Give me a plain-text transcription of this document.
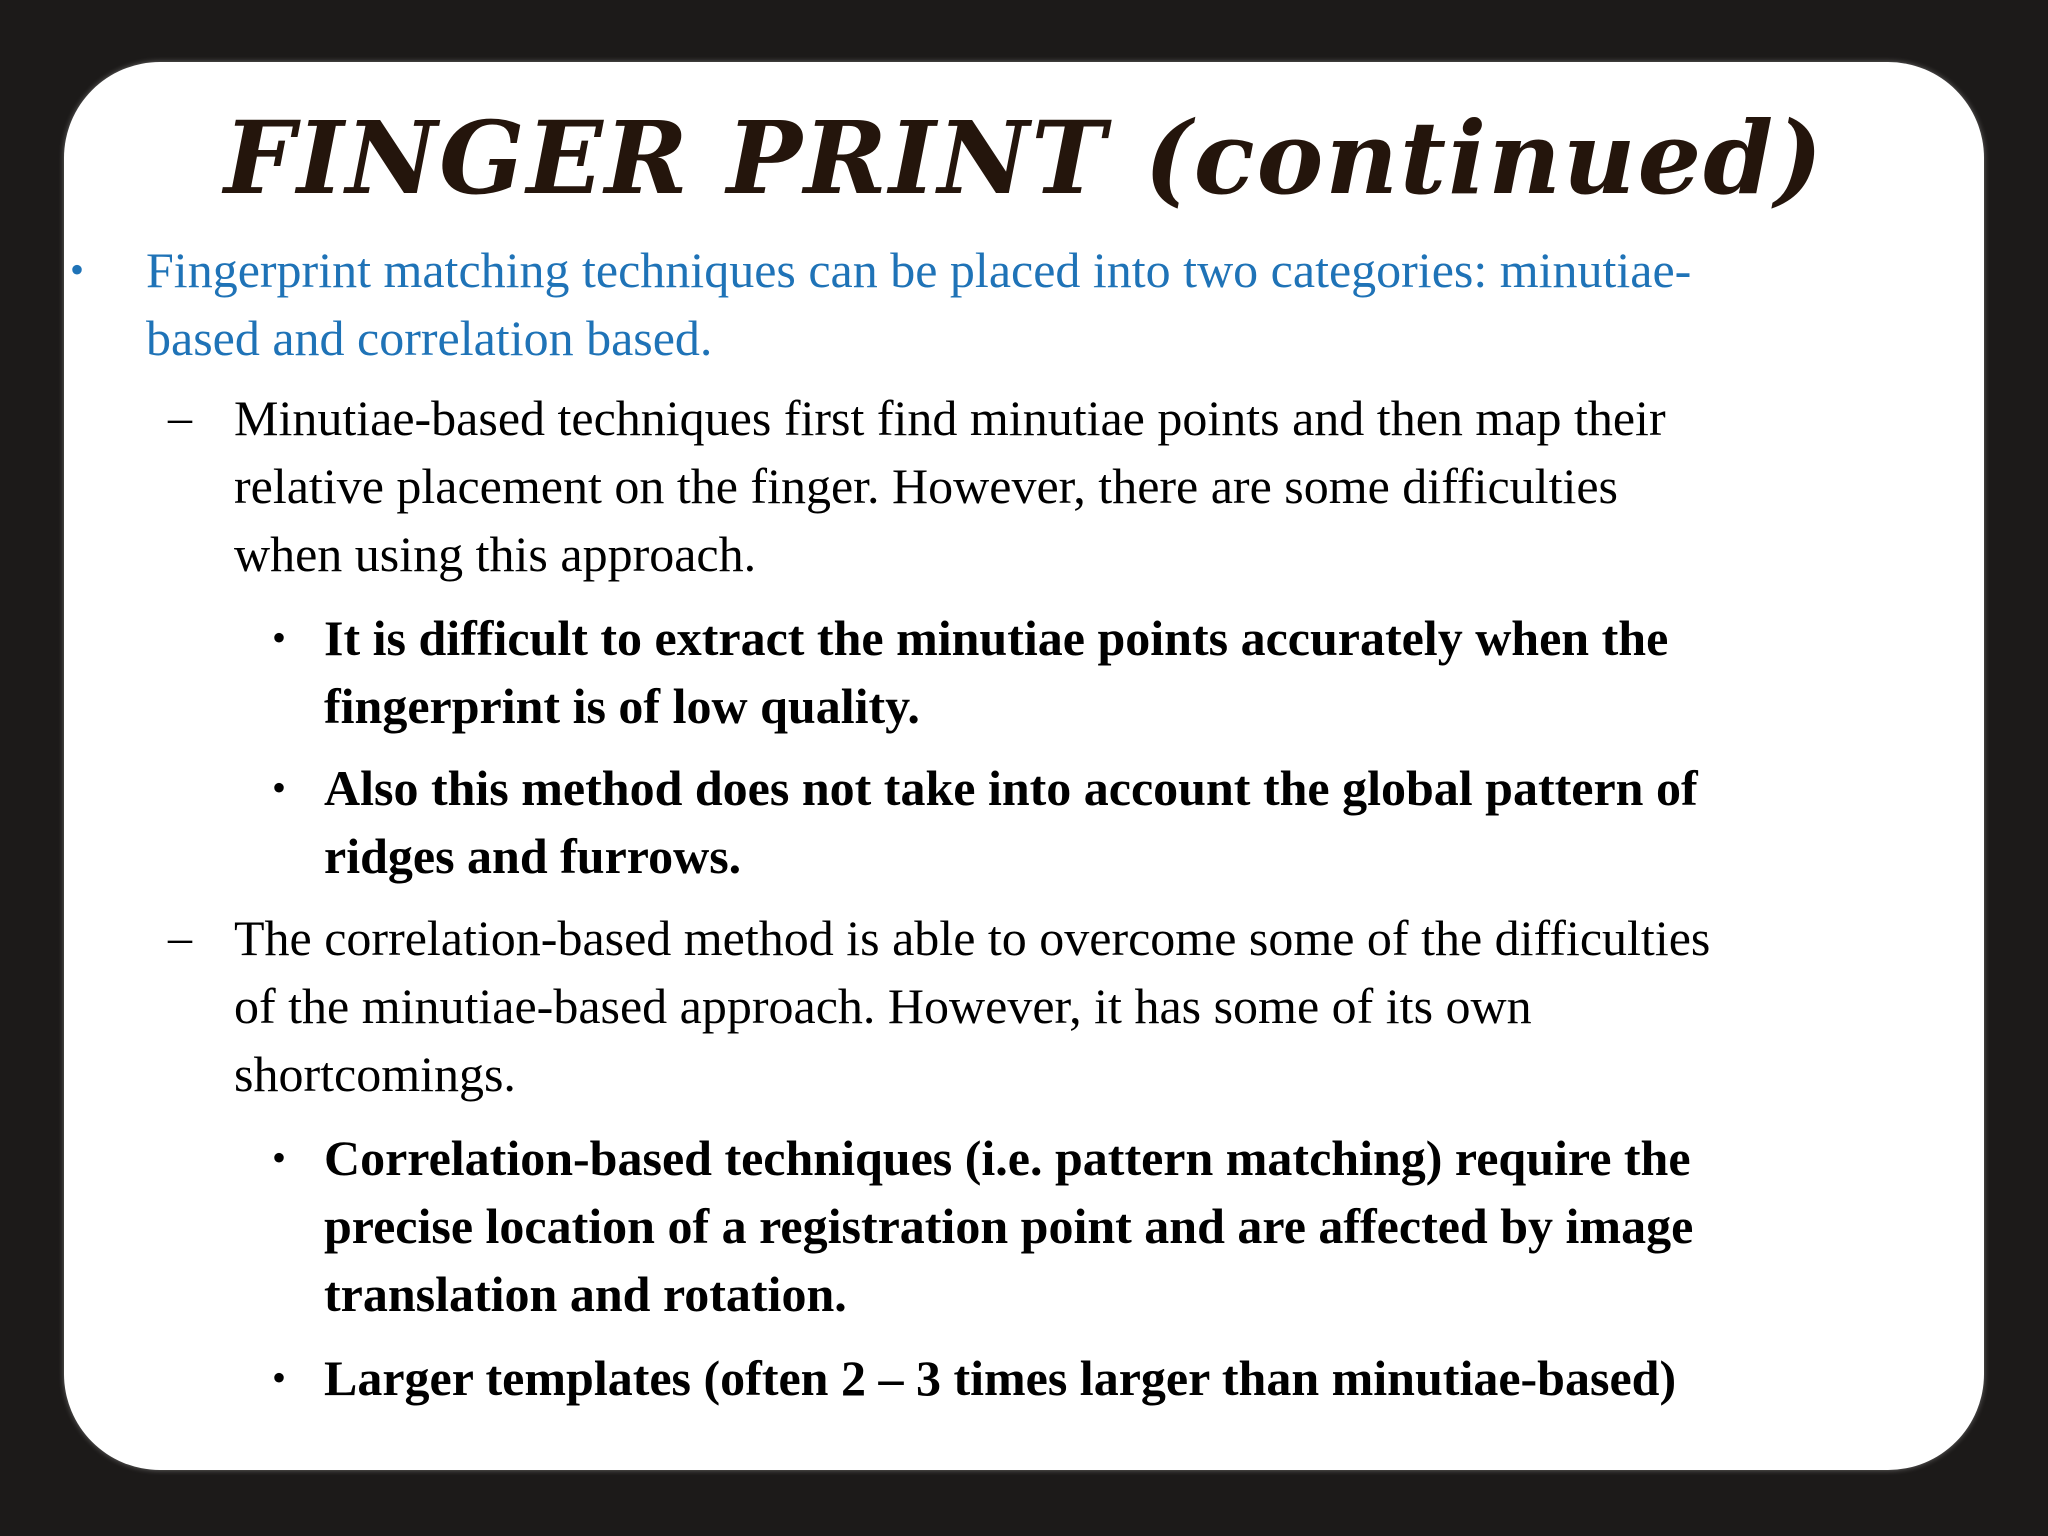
FINGER PRINT (continued)
• Fingerprint matching techniques can be placed into two categories: minutiae-
based and correlation based.
– Minutiae-based techniques first find minutiae points and then map their
relative placement on the finger. However, there are some difficulties
when using this approach.
• It is difficult to extract the minutiae points accurately when the
fingerprint is of low quality.
• Also this method does not take into account the global pattern of
ridges and furrows.
– The correlation-based method is able to overcome some of the difficulties
of the minutiae-based approach. However, it has some of its own
shortcomings.
• Correlation-based techniques (i.e. pattern matching) require the
precise location of a registration point and are affected by image
translation and rotation.
• Larger templates (often 2 – 3 times larger than minutiae-based)
